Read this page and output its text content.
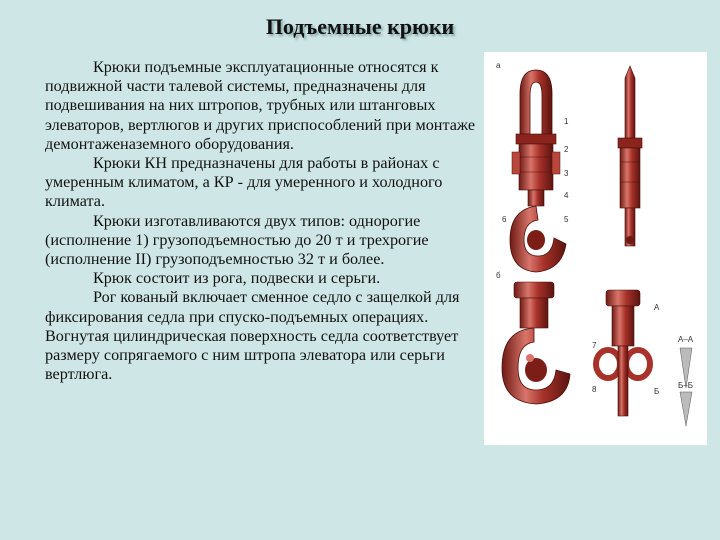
Подъемные крюки

Крюки подъемные эксплуатационные относятся к подвижной части талевой системы, предназначены для подвешивания на них штропов, трубных или штанговых элеваторов, вертлюгов и других приспособлений при монтаже демонтаженаземного оборудования.

Крюки КН предназначены для работы в районах с умеренным климатом, а КР - для умеренного и холодного климата.

Крюки изготавливаются двух типов: однорогие (исполнение 1) грузоподъемностью до 20 т и трехрогие (исполнение II) грузоподъемностью 32 т и более.

Крюк состоит из рога, подвески и серьги.

Рог кованый включает сменное седло с защелкой для фиксирования седла при спуско-подъемных операциях. Вогнутая цилиндрическая поверхность седла соответствует размеру сопрягаемого с ним штропа элеватора или серьги вертлюга.

а
б
1
2
3
4
5
6
7
8
А
Б
А–А
Б–Б
